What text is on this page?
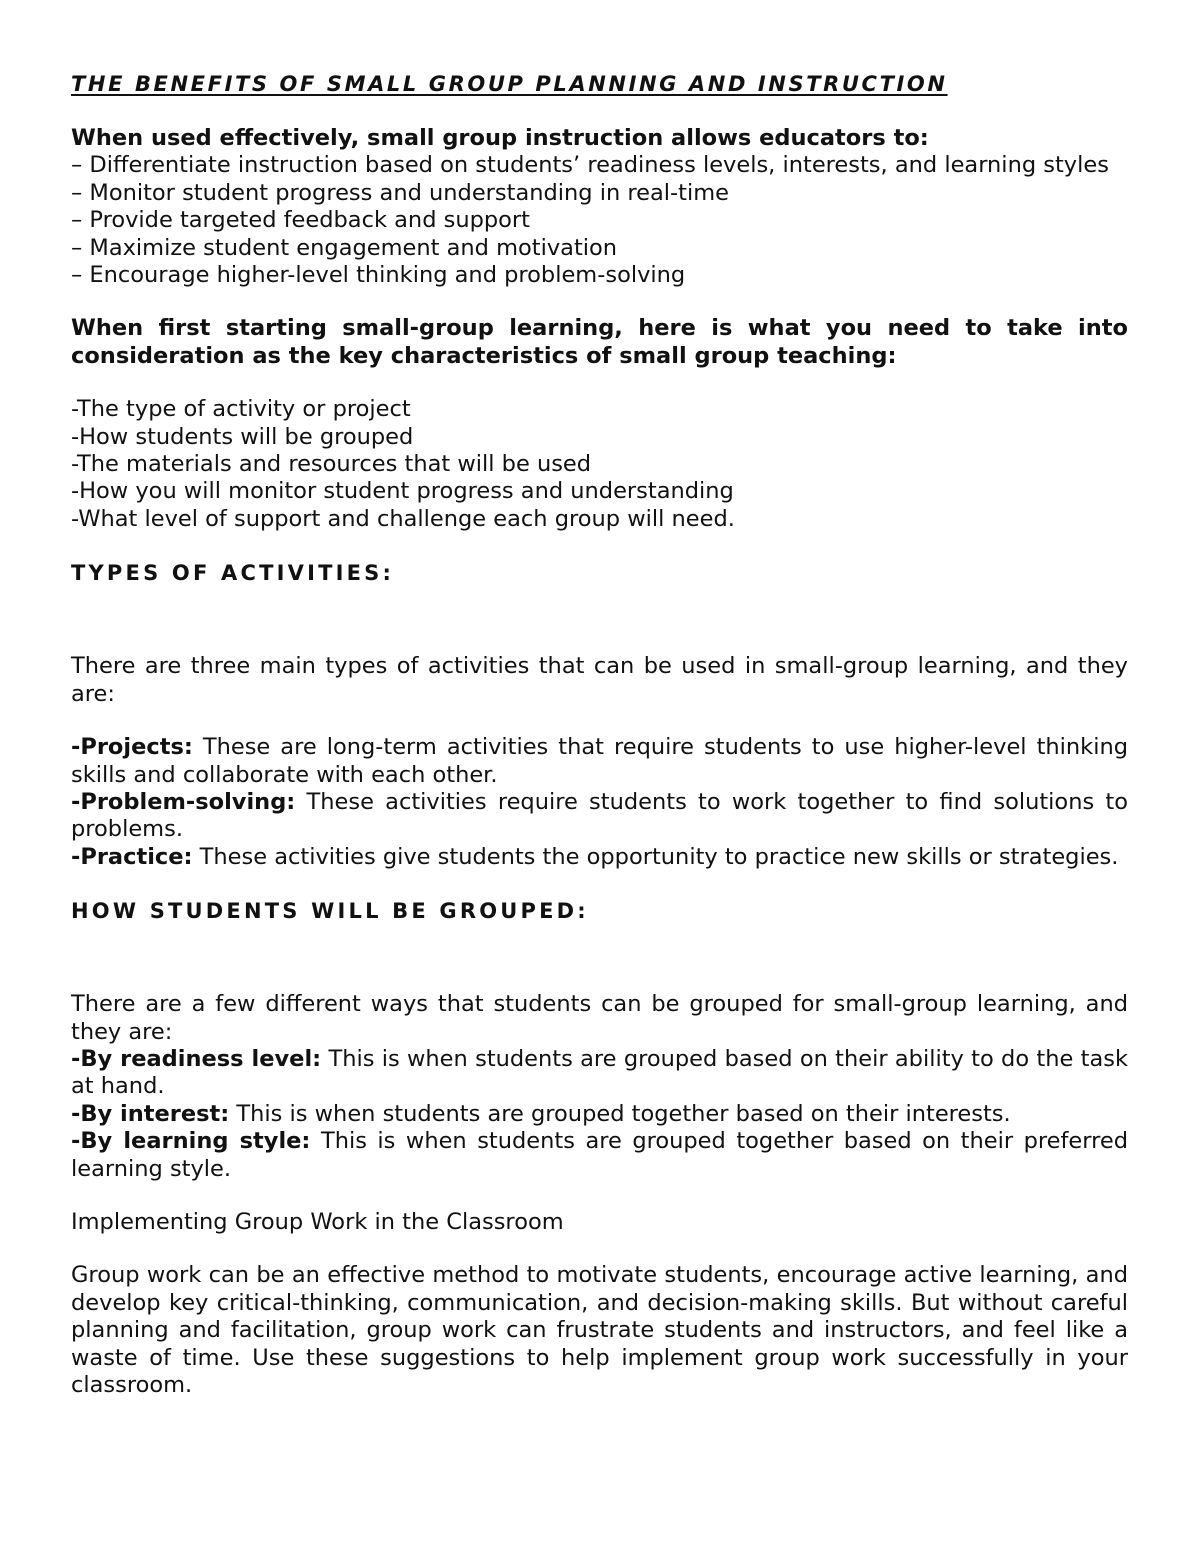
THE BENEFITS OF SMALL GROUP PLANNING AND INSTRUCTION

When used effectively, small group instruction allows educators to:

– Differentiate instruction based on students’ readiness levels, interests, and learning styles

– Monitor student progress and understanding in real-time

– Provide targeted feedback and support

– Maximize student engagement and motivation

– Encourage higher-level thinking and problem-solving

When first starting small-group learning, here is what you need to take into consideration as the key characteristics of small group teaching:

-The type of activity or project

-How students will be grouped

-The materials and resources that will be used

-How you will monitor student progress and understanding

-What level of support and challenge each group will need.

TYPES OF ACTIVITIES:

There are three main types of activities that can be used in small-group learning, and they are:

-Projects: These are long-term activities that require students to use higher-level thinking skills and collaborate with each other.

-Problem-solving: These activities require students to work together to find solutions to problems.

-Practice: These activities give students the opportunity to practice new skills or strategies.

HOW STUDENTS WILL BE GROUPED:

There are a few different ways that students can be grouped for small-group learning, and they are:

-By readiness level: This is when students are grouped based on their ability to do the task at hand.

-By interest: This is when students are grouped together based on their interests.

-By learning style: This is when students are grouped together based on their preferred learning style.

Implementing Group Work in the Classroom

Group work can be an effective method to motivate students, encourage active learning, and develop key critical-thinking, communication, and decision-making skills. But without careful planning and facilitation, group work can frustrate students and instructors, and feel like a waste of time. Use these suggestions to help implement group work successfully in your classroom.
